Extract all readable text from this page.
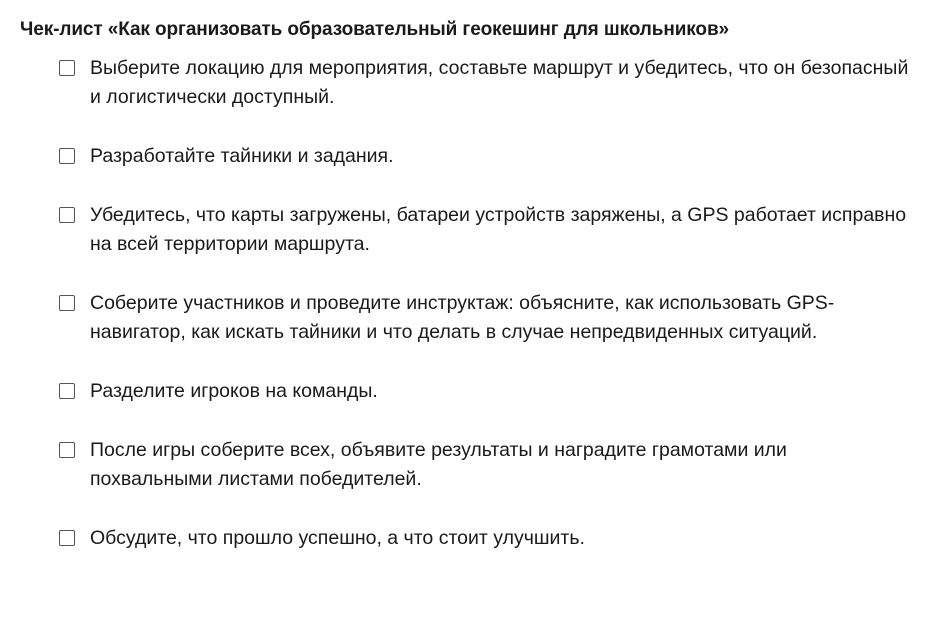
Чек-лист «Как организовать образовательный геокешинг для школьников»
Выберите локацию для мероприятия, составьте маршрут и убедитесь, что он безопасный и логистически доступный.
Разработайте тайники и задания.
Убедитесь, что карты загружены, батареи устройств заряжены, а GPS работает исправно на всей территории маршрута.
Соберите участников и проведите инструктаж: объясните, как использовать GPS-навигатор, как искать тайники и что делать в случае непредвиденных ситуаций.
Разделите игроков на команды.
После игры соберите всех, объявите результаты и наградите грамотами или похвальными листами победителей.
Обсудите, что прошло успешно, а что стоит улучшить.
